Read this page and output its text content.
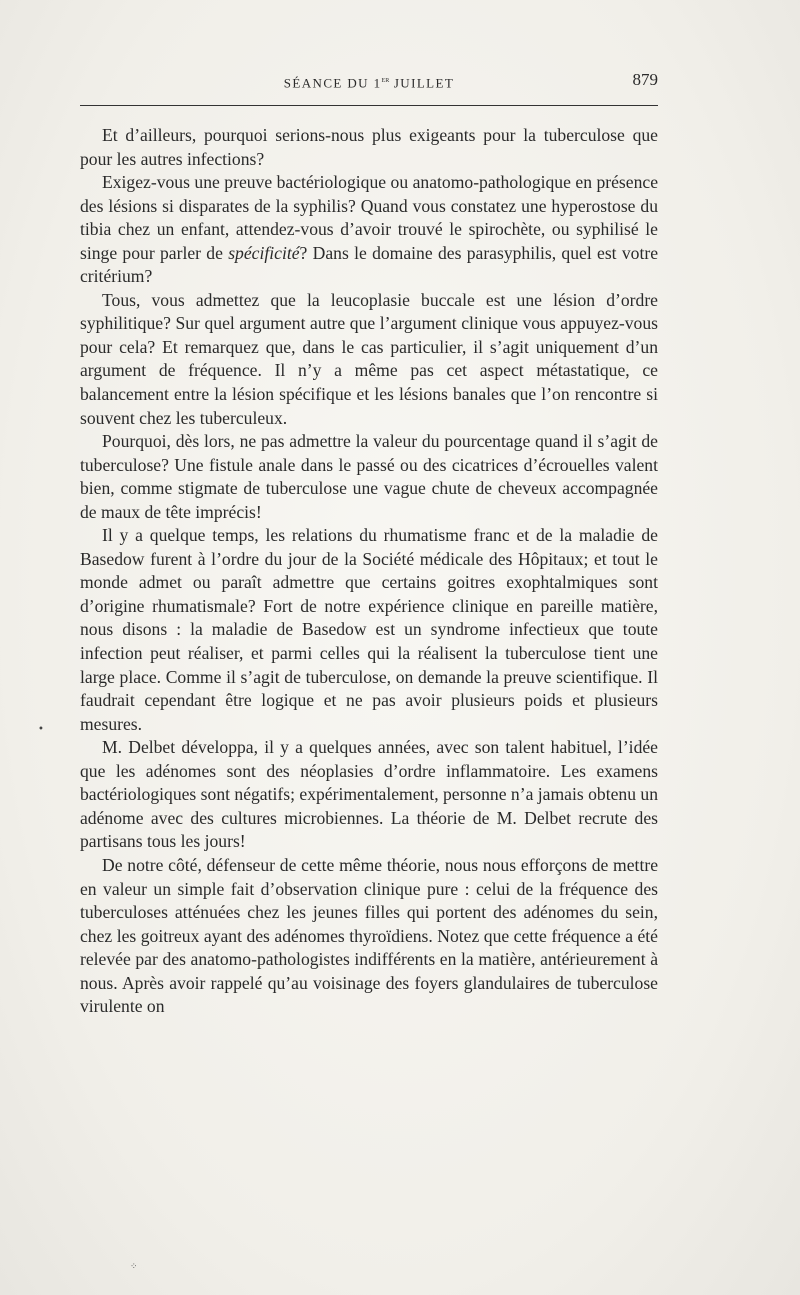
SÉANCE DU 1er JUILLET	879

Et d’ailleurs, pourquoi serions-nous plus exigeants pour la tuberculose que pour les autres infections?

Exigez-vous une preuve bactériologique ou anatomo-pathologique en présence des lésions si disparates de la syphilis? Quand vous constatez une hyperostose du tibia chez un enfant, attendez-vous d’avoir trouvé le spirochète, ou syphilisé le singe pour parler de spécificité? Dans le domaine des parasyphilis, quel est votre critérium?

Tous, vous admettez que la leucoplasie buccale est une lésion d’ordre syphilitique? Sur quel argument autre que l’argument clinique vous appuyez-vous pour cela? Et remarquez que, dans le cas particulier, il s’agit uniquement d’un argument de fréquence. Il n’y a même pas cet aspect métastatique, ce balancement entre la lésion spécifique et les lésions banales que l’on rencontre si souvent chez les tuberculeux.

Pourquoi, dès lors, ne pas admettre la valeur du pourcentage quand il s’agit de tuberculose? Une fistule anale dans le passé ou des cicatrices d’écrouelles valent bien, comme stigmate de tuberculose une vague chute de cheveux accompagnée de maux de tête imprécis!

Il y a quelque temps, les relations du rhumatisme franc et de la maladie de Basedow furent à l’ordre du jour de la Société médicale des Hôpitaux; et tout le monde admet ou paraît admettre que certains goitres exophtalmiques sont d’origine rhumatismale? Fort de notre expérience clinique en pareille matière, nous disons : la maladie de Basedow est un syndrome infectieux que toute infection peut réaliser, et parmi celles qui la réalisent la tuberculose tient une large place. Comme il s’agit de tuberculose, on demande la preuve scientifique. Il faudrait cependant être logique et ne pas avoir plusieurs poids et plusieurs mesures.

M. Delbet développa, il y a quelques années, avec son talent habituel, l’idée que les adénomes sont des néoplasies d’ordre inflammatoire. Les examens bactériologiques sont négatifs; expérimentalement, personne n’a jamais obtenu un adénome avec des cultures microbiennes. La théorie de M. Delbet recrute des partisans tous les jours!

De notre côté, défenseur de cette même théorie, nous nous efforçons de mettre en valeur un simple fait d’observation clinique pure : celui de la fréquence des tuberculoses atténuées chez les jeunes filles qui portent des adénomes du sein, chez les goitreux ayant des adénomes thyroïdiens. Notez que cette fréquence a été relevée par des anatomo-pathologistes indifférents en la matière, antérieurement à nous. Après avoir rappelé qu’au voisinage des foyers glandulaires de tuberculose virulente on

•
⁘
